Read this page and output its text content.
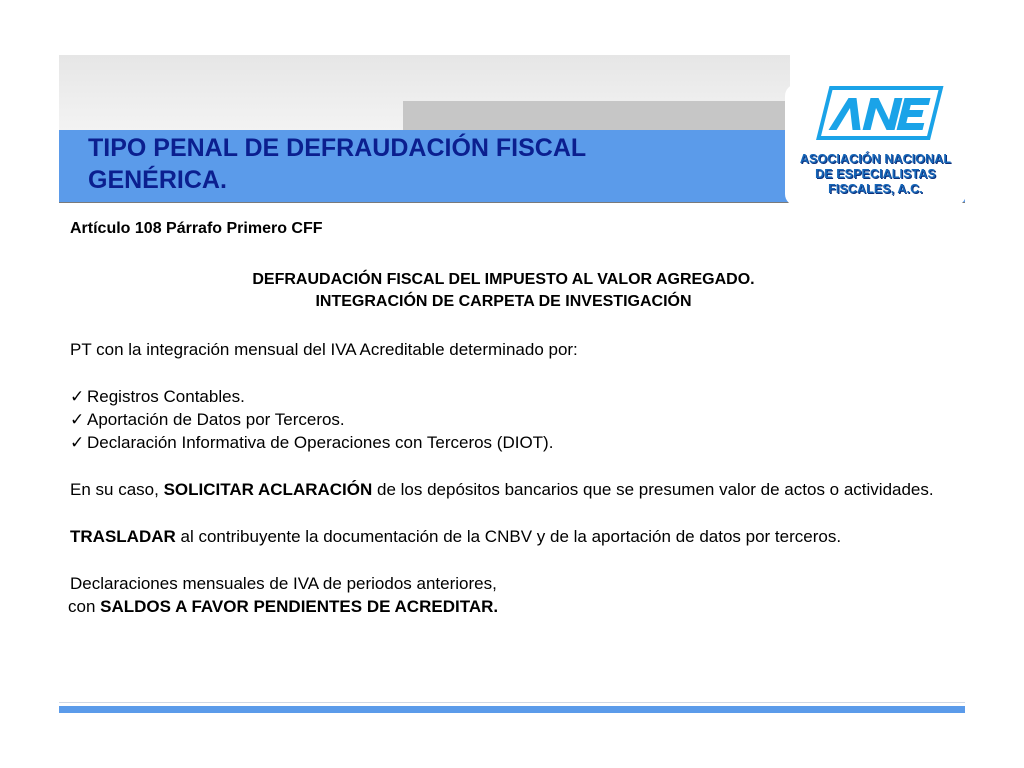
TIPO PENAL DE DEFRAUDACIÓN FISCAL GENÉRICA.
ASOCIACIÓN NACIONAL
DE ESPECIALISTAS
FISCALES, A.C.

Artículo 108 Párrafo Primero CFF

DEFRAUDACIÓN FISCAL DEL IMPUESTO AL VALOR AGREGADO.
INTEGRACIÓN DE CARPETA DE INVESTIGACIÓN

PT con la integración mensual del IVA Acreditable determinado por:

✓ Registros Contables.
✓ Aportación de Datos por Terceros.
✓ Declaración Informativa de Operaciones con Terceros (DIOT).

En su caso, SOLICITAR ACLARACIÓN de los depósitos bancarios que se presumen valor de actos o actividades.

TRASLADAR al contribuyente la documentación de la CNBV y de la aportación de datos por terceros.

Declaraciones mensuales de IVA de periodos anteriores,
con SALDOS A FAVOR PENDIENTES DE ACREDITAR.
